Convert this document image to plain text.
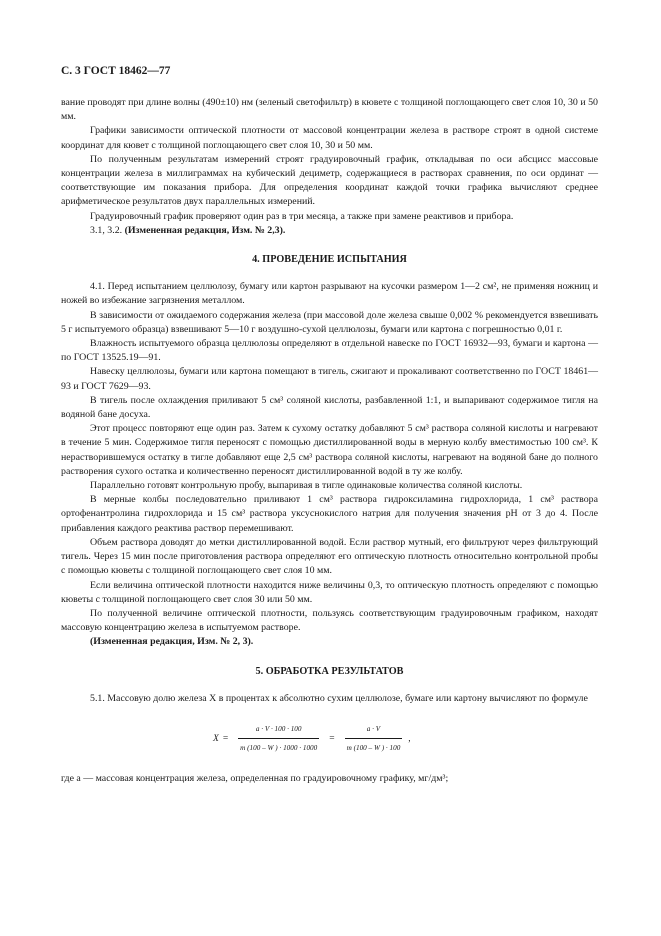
С. 3 ГОСТ 18462—77

вание проводят при длине волны (490±10) нм (зеленый светофильтр) в кювете с толщиной поглощающего свет слоя 10, 30 и 50 мм.

Графики зависимости оптической плотности от массовой концентрации железа в растворе строят в одной системе координат для кювет с толщиной поглощающего свет слоя 10, 30 и 50 мм.

По полученным результатам измерений строят градуировочный график, откладывая по оси абсцисс массовые концентрации железа в миллиграммах на кубический дециметр, содержащиеся в растворах сравнения, по оси ординат — соответствующие им показания прибора. Для определения координат каждой точки графика вычисляют среднее арифметическое результатов двух параллельных измерений.

Градуировочный график проверяют один раз в три месяца, а также при замене реактивов и прибора.

3.1, 3.2. (Измененная редакция, Изм. № 2,3).

4. ПРОВЕДЕНИЕ ИСПЫТАНИЯ

4.1. Перед испытанием целлюлозу, бумагу или картон разрывают на кусочки размером 1—2 см², не применяя ножниц и ножей во избежание загрязнения металлом.

В зависимости от ожидаемого содержания железа (при массовой доле железа свыше 0,002 % рекомендуется взвешивать 5 г испытуемого образца) взвешивают 5—10 г воздушно-сухой целлюлозы, бумаги или картона с погрешностью 0,01 г.

Влажность испытуемого образца целлюлозы определяют в отдельной навеске по ГОСТ 16932—93, бумаги и картона — по ГОСТ 13525.19—91.

Навеску целлюлозы, бумаги или картона помещают в тигель, сжигают и прокаливают соответственно по ГОСТ 18461—93 и ГОСТ 7629—93.

В тигель после охлаждения приливают 5 см³ соляной кислоты, разбавленной 1:1, и выпаривают содержимое тигля на водяной бане досуха.

Этот процесс повторяют еще один раз. Затем к сухому остатку добавляют 5 см³ раствора соляной кислоты и нагревают в течение 5 мин. Содержимое тигля переносят с помощью дистиллированной воды в мерную колбу вместимостью 100 см³. К нерастворившемуся остатку в тигле добавляют еще 2,5 см³ раствора соляной кислоты, нагревают на водяной бане до полного растворения сухого остатка и количественно переносят дистиллированной водой в ту же колбу.

Параллельно готовят контрольную пробу, выпаривая в тигле одинаковые количества соляной кислоты.

В мерные колбы последовательно приливают 1 см³ раствора гидроксиламина гидрохлорида, 1 см³ раствора ортофенантролина гидрохлорида и 15 см³ раствора уксуснокислого натрия для получения значения рН от 3 до 4. После прибавления каждого реактива раствор перемешивают.

Объем раствора доводят до метки дистиллированной водой. Если раствор мутный, его фильтруют через фильтрующий тигель. Через 15 мин после приготовления раствора определяют его оптическую плотность относительно контрольной пробы с помощью кюветы с толщиной поглощающего свет слоя 10 мм.

Если величина оптической плотности находится ниже величины 0,3, то оптическую плотность определяют с помощью кюветы с толщиной поглощающего свет слоя 30 или 50 мм.

По полученной величине оптической плотности, пользуясь соответствующим градуировочным графиком, находят массовую концентрацию железа в испытуемом растворе.

(Измененная редакция, Изм. № 2, 3).

5. ОБРАБОТКА РЕЗУЛЬТАТОВ

5.1. Массовую долю железа X в процентах к абсолютно сухим целлюлозе, бумаге или картону вычисляют по формуле

$X = \frac{a \cdot V \cdot 100 \cdot 100}{m (100 - W ) \cdot 1000 \cdot 1000} = \frac{a \cdot V}{m (100 - W ) \cdot 100}$ ,

где a — массовая концентрация железа, определенная по градуировочному графику, мг/дм³;
